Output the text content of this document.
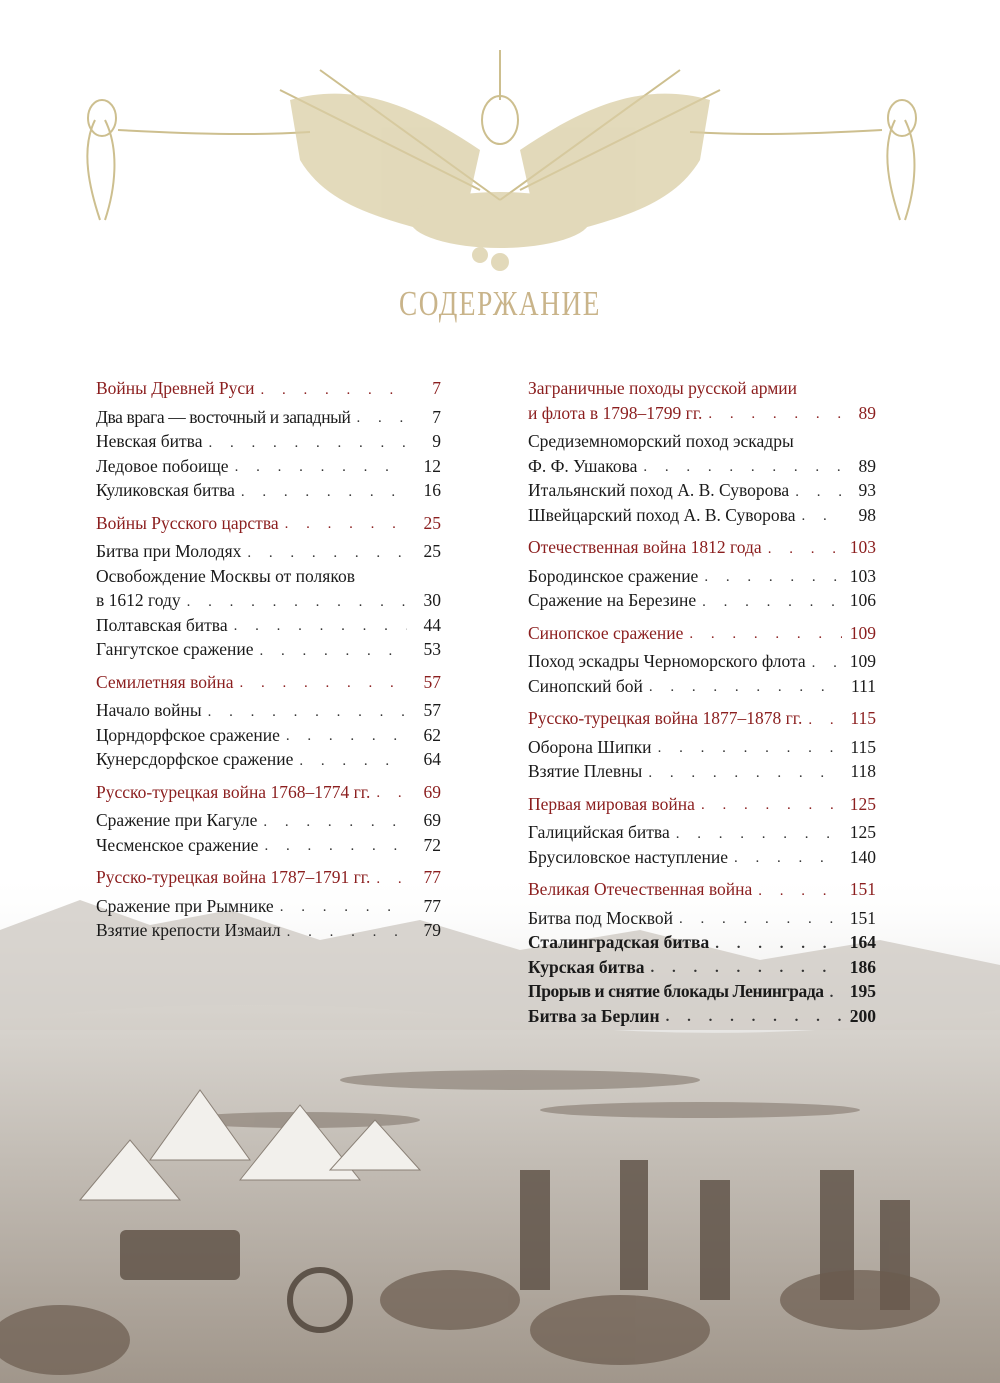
СОДЕРЖАНИЕ
Войны Древней Руси . . .	7
Два врага — восточный и западный . . .	7
Невская битва . . .	9
Ледовое побоище . . .	12
Куликовская битва . . .	16
Войны Русского царства . . .	25
Битва при Молодях . . .	25
Освобождение Москвы от поляков
в 1612 году . . .	30
Полтавская битва . . .	44
Гангутское сражение . . .	53
Семилетняя война . . .	57
Начало войны . . .	57
Цорндорфское сражение . . .	62
Кунерсдорфское сражение . . .	64
Русско-турецкая война 1768–1774 гг. . . .	69
Сражение при Кагуле . . .	69
Чесменское сражение . . .	72
Русско-турецкая война 1787–1791 гг. . . .	77
Сражение при Рымнике . . .	77
Взятие крепости Измаил . . .	79
Заграничные походы русской армии
и флота в 1798–1799 гг. . . .	89
Средиземноморский поход эскадры
Ф. Ф. Ушакова . . .	89
Итальянский поход А. В. Суворова . . .	93
Швейцарский поход А. В. Суворова . . .	98
Отечественная война 1812 года . . .	103
Бородинское сражение . . .	103
Сражение на Березине . . .	106
Синопское сражение . . .	109
Поход эскадры Черноморского флота . . .	109
Синопский бой . . .	111
Русско-турецкая война 1877–1878 гг. . . .	115
Оборона Шипки . . .	115
Взятие Плевны . . .	118
Первая мировая война . . .	125
Галицийская битва . . .	125
Брусиловское наступление . . .	140
Великая Отечественная война . . .	151
Битва под Москвой . . .	151
Сталинградская битва . . .	164
Курская битва . . .	186
Прорыв и снятие блокады Ленинграда . . . 195
Битва за Берлин . . .	200
